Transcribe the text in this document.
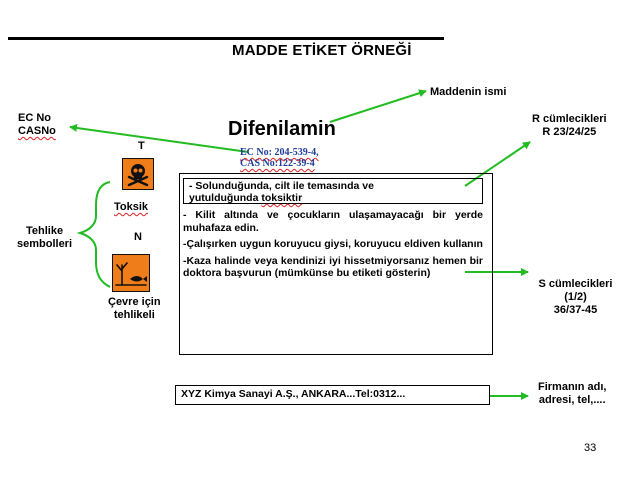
MADDE ETİKET ÖRNEĞİ
Maddenin ismi
EC No
CASNo
R cümlecikleri
R 23/24/25
Tehlike
sembolleri
S cümlecikleri
(1/2)
36/37-45
Firmanın adı,
adresi, tel,....
Difenilamin
EC No: 204-539-4,
CAS No:122-39-4
T
Toksik
N
Çevre için
tehlikeli
- Solunduğunda, cilt ile temasında ve
yutulduğunda toksiktir

- Kilit altında ve çocukların ulaşamayacağı bir yerde muhafaza edin.

-Çalışırken uygun koruyucu giysi, koruyucu eldiven kullanın

-Kaza halinde veya kendinizi iyi hissetmiyorsanız hemen bir doktora başvurun (mümkünse bu etiketi gösterin)

XYZ Kimya Sanayi A.Ş., ANKARA...Tel:0312...
33
